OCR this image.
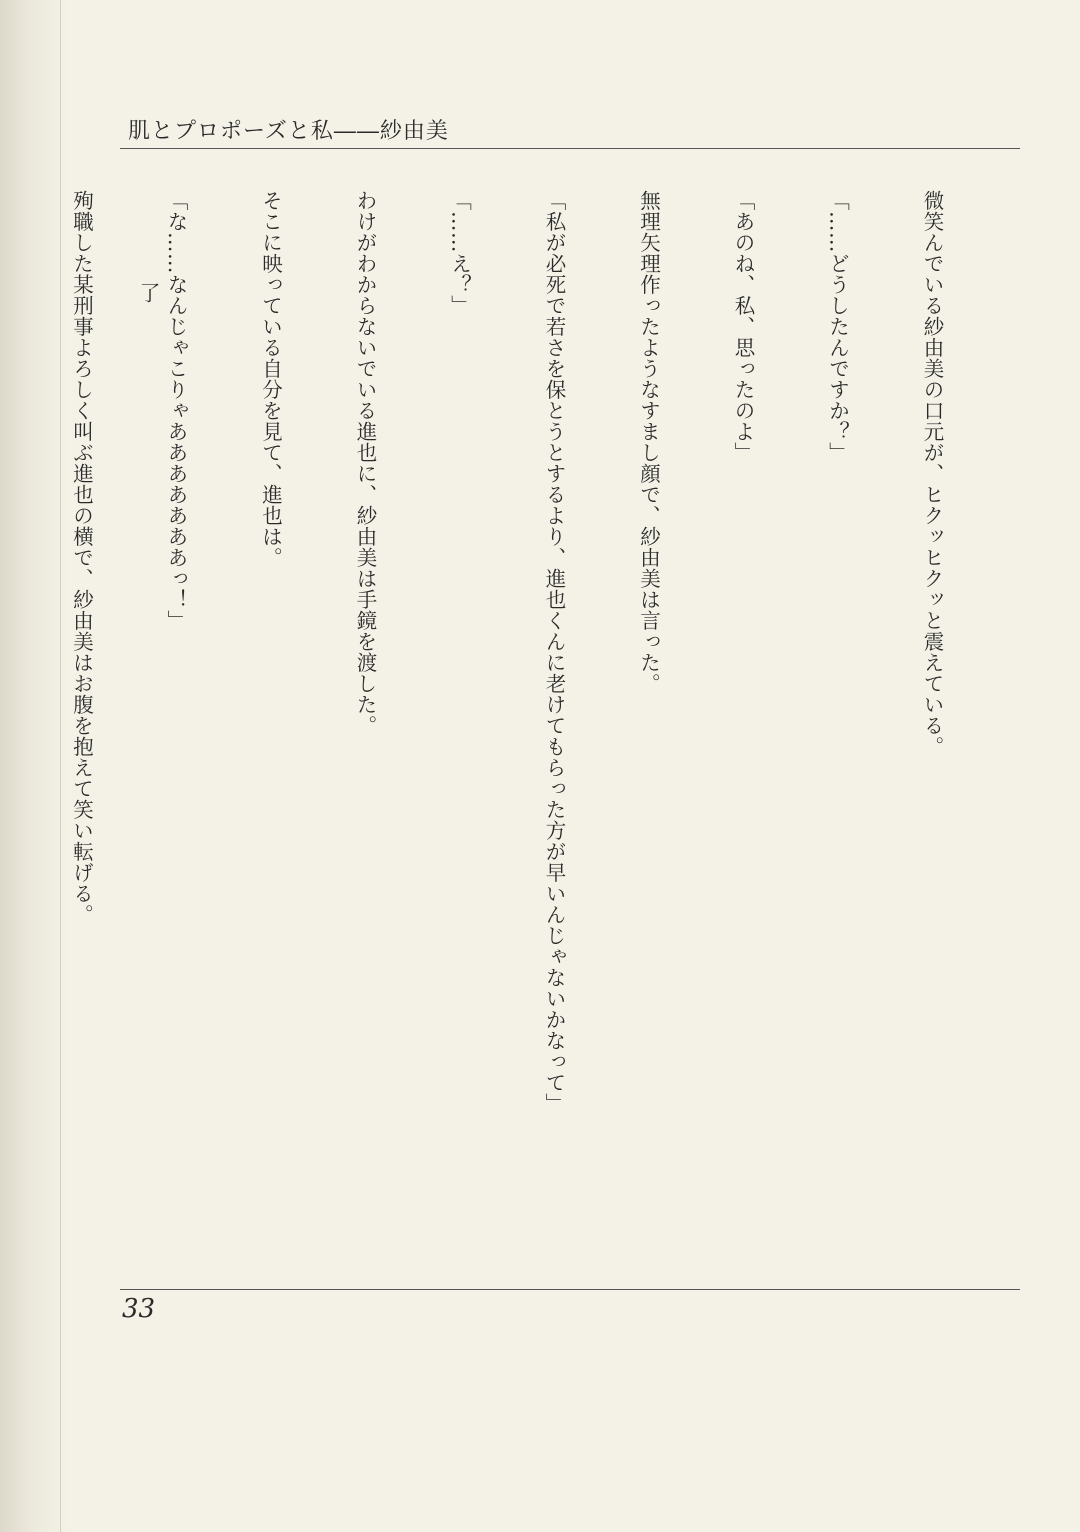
肌とプロポーズと私――紗由美

微笑んでいる紗由美の口元が、ヒクッヒクッと震えている。

「……どうしたんですか？」

「あのね、私、思ったのよ」

無理矢理作ったようなすまし顔で、紗由美は言った。

「私が必死で若さを保とうとするより、進也くんに老けてもらった方が早いんじゃないかなって」

「……え？」

わけがわからないでいる進也に、紗由美は手鏡を渡した。

そこに映っている自分を見て、進也は。

「な……なんじゃこりゃあああああああっ！」

殉職した某刑事よろしく叫ぶ進也の横で、紗由美はお腹を抱えて笑い転げる。

了
33
